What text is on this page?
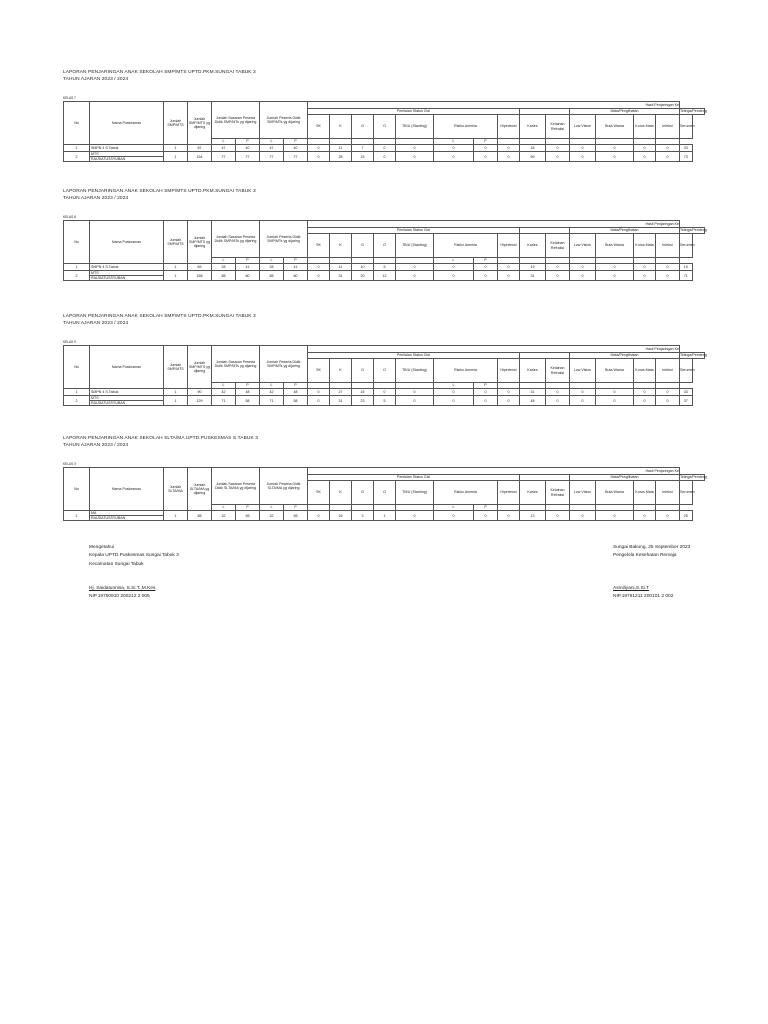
LAPORAN PENJARINGAN ANAK SEKOLAH SMP/MTS UPTD.PKM.SUNGAI TABUK 3
TAHUN AJARAN 2023 / 2024
KELAS 7
No	Nama Puskesmas	Jumlah SMP/MTS	Jumlah SMP/MTS yg dijaring	Jumlah Sasaran Peserta Didik SMP/MTs yg dijaring		Jumlah Peserta Didik SMP/MTs yg dijaring		Hasil Penjaringan Ke														
								Penilaian Status Gizi										Mata/Penglihatan				Telinga/Pendeng
								SK	K	G	O	TB/U (Stanting)	Risiko Anemia		Hipertensi	Karies	Kelainan Refraksi	Low Vision	Buta Warna	Kurus Mata	Infeksi	Serumen
				L	P	L	P						L	P								
1	SMPN 4 S.Tabuk	1	87	47	40	47	40	0	11	7	0	0	0	0	0	18	0	0	0	0	0	33
2	MTS
RAUDATUSSYUBAN	1	154	77	77	77	77	0	28	15	0	0	0	0	0	59	0	0	0	0	0	73
LAPORAN PENJARINGAN ANAK SEKOLAH SMP/MTS UPTD.PKM.SUNGAI TABUK 3
TAHUN AJARAN 2023 / 2024
KELAS 8
No	Nama Puskesmas	Jumlah SMP/MTS	Jumlah SMP/MTS yg dijaring	Jumlah Sasaran Peserta Didik SMP/MTs yg dijaring		Jumlah Peserta Didik SMP/MTs yg dijaring		Hasil Penjaringan Ke														
								Penilaian Status Gizi										Mata/Penglihatan				Telinga/Pendeng
								SK	K	G	O	TB/U (Stanting)	Risiko Anemia		Hipertensi	Karies	Kelainan Refraksi	Low Vision	Buta Warna	Kurus Mata	Infeksi	Serumen
				L	P	L	P						L	P								
1	SMPN 4 S.Tabuk	1	69	28	41	28	41	0	11	10	5	0	0	0	0	19	0	0	0	0	0	19
2	MTS
RAUDATUSSYUBAN	1	168	88	80	88	80	0	31	20	12	0	0	0	0	31	0	0	0	0	0	71
LAPORAN PENJARINGAN ANAK SEKOLAH SMP/MTS UPTD.PKM.SUNGAI TABUK 3
TAHUN AJARAN 2023 / 2024
KELAS 9
No	Nama Puskesmas	Jumlah SMP/MTS	Jumlah SMP/MTS yg dijaring	Jumlah Sasaran Peserta Didik SMP/MTs yg dijaring		Jumlah Peserta Didik SMP/MTs yg dijaring		Hasil Penjaringan Ke														
								Penilaian Status Gizi										Mata/Penglihatan				Telinga/Pendeng
								SK	K	G	O	TB/U (Stanting)	Risiko Anemia		Hipertensi	Karies	Kelainan Refraksi	Low Vision	Buta Warna	Kurus Mata	Infeksi	Serumen
				L	P	L	P						L	P								
1	SMPN 4 S.Tabuk	1	90	42	48	42	48	0	27	15	0	0	0	0	0	31	0	0	0	0	0	33
2	MTS
RAUDATUSSYUBAN	1	129	71	58	71	58	0	31	23	5	0	0	0	0	48	0	0	0	0	0	37
LAPORAN PENJARINGAN ANAK SEKOLAH SLTA/MA UPTD.PUSKESMAS S.TABUK 3
TAHUN AJARAN 2023 / 2024
KELAS X
No	Nama Puskesmas	Jumlah SLTA/MA	Jumlah SLTA/MA yg dijaring	Jumlah Sasaran Peserta Didik SLTA/MA yg dijaring		Jumlah Peserta Didik SLTA/MA yg dijaring		Hasil Penjaringan Ke														
								Penilaian Status Gizi										Mata/Penglihatan				Telinga/Pendeng
								SK	K	G	O	TB/U (Stanting)	Risiko Anemia		Hipertensi	Karies	Kelainan Refraksi	Low Vision	Buta Warna	Kurus Mata	Infeksi	Serumen
				L	P	L	P						L	P								
1	MA
RAUDATUSSYUBAN	1	88	32	56	32	56	0	16	3	1	0	0	0	0	13	0	0	0	0	0	25
Mengetahui
Kepala UPTD.Puskesmas Sungai Tabuk 3
Kecamatan Sungai Tabuk
Hj. Saidatunnisa, S.Si.T.,M.Kes
NIP.19750910 200212 2 005
Sungai Bakung, 25 September 2023
Pengelola Kesehatan Remaja
Asmiliyani,S.Si.T
NIP.19761211 200101 2 002
